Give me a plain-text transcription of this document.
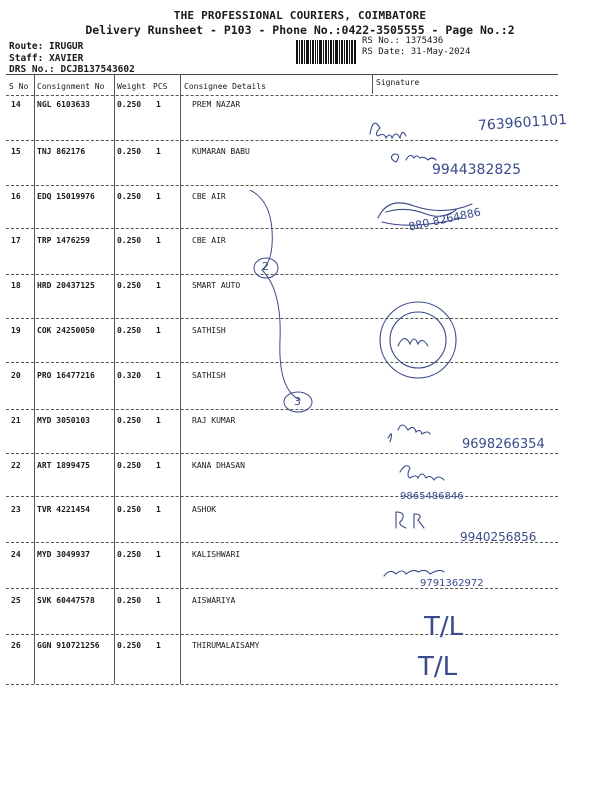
THE PROFESSIONAL COURIERS, COIMBATORE
Delivery Runsheet - P103 - Phone No.:0422-3505555 - Page No.:2
Route: IRUGUR
Staff: XAVIER
DRS No.: DCJB137543602
RS No.: 1375436
RS Date: 31-May-2024
S No Consignment No Weight PCS Consignee Details	Signature
14 NGL 6103633	0.250 1	PREM NAZAR
15 TNJ 862176	0.250 1	KUMARAN BABU
16 EDQ 15019976	0.250 1	CBE AIR
17 TRP 1476259	0.250 1	CBE AIR
18 HRD 20437125	0.250 1	SMART AUTO
19 COK 24250050	0.250 1	SATHISH
20 PRO 16477216	0.320 1	SATHISH
21 MYD 3050103	0.250 1	RAJ KUMAR
22 ART 1899475	0.250 1	KANA DHASAN
23 TVR 4221454	0.250 1	ASHOK
24 MYD 3049937	0.250 1	KALISHWARI
25 SVK 60447578	0.250 1	AISWARIYA
26 GGN 910721256 0.250 1	THIRUMALAISAMY
7639601101
9944382825
880 8264886
9698266354
9865486846
9940256856
9791362972
T/L
T/L
2
3
